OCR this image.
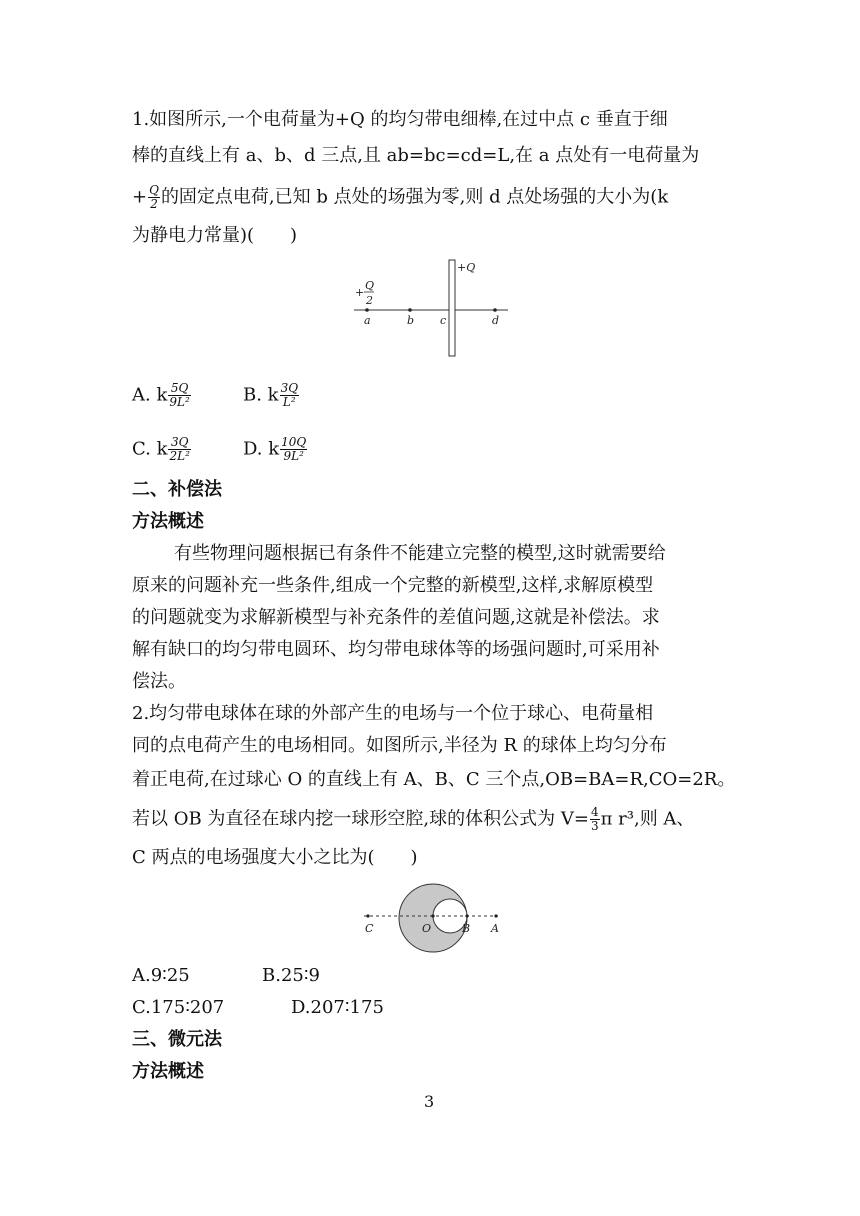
1.如图所示,一个电荷量为+Q 的均匀带电细棒,在过中点 c 垂直于细
棒的直线上有 a、b、d 三点,且 ab=bc=cd=L,在 a 点处有一电荷量为
+ $\frac{Q}{2}$ 的固定点电荷,已知 b 点处的场强为零,则 d 点处场强的大小为(k
为静电力常量)(　　)
+Q
+
Q
2
a	b c	d
A. k $\frac{5Q}{\text{9L²}}$	B. k $\frac{3Q}{\text{L²}}$
C. k $\frac{3Q}{\text{2L²}}$	D. k $\frac{10Q}{\text{9L²}}$
二、补偿法
方法概述
有些物理问题根据已有条件不能建立完整的模型,这时就需要给
原来的问题补充一些条件,组成一个完整的新模型,这样,求解原模型
的问题就变为求解新模型与补充条件的差值问题,这就是补偿法。求
解有缺口的均匀带电圆环、均匀带电球体等的场强问题时,可采用补
偿法。
2.均匀带电球体在球的外部产生的电场与一个位于球心、电荷量相
同的点电荷产生的电场相同。如图所示,半径为 R 的球体上均匀分布
着正电荷,在过球心 O 的直线上有 A、B、C 三个点,OB=BA=R,CO=2R。
若以 OB 为直径在球内挖一球形空腔,球的体积公式为 $V= \frac{4}{3}$ π r³,则 A、
C 两点的电场强度大小之比为(　　)
C	O	B A
A.9∶25	B.25∶9
C.175∶207	D.207∶175
三、微元法
方法概述
3
